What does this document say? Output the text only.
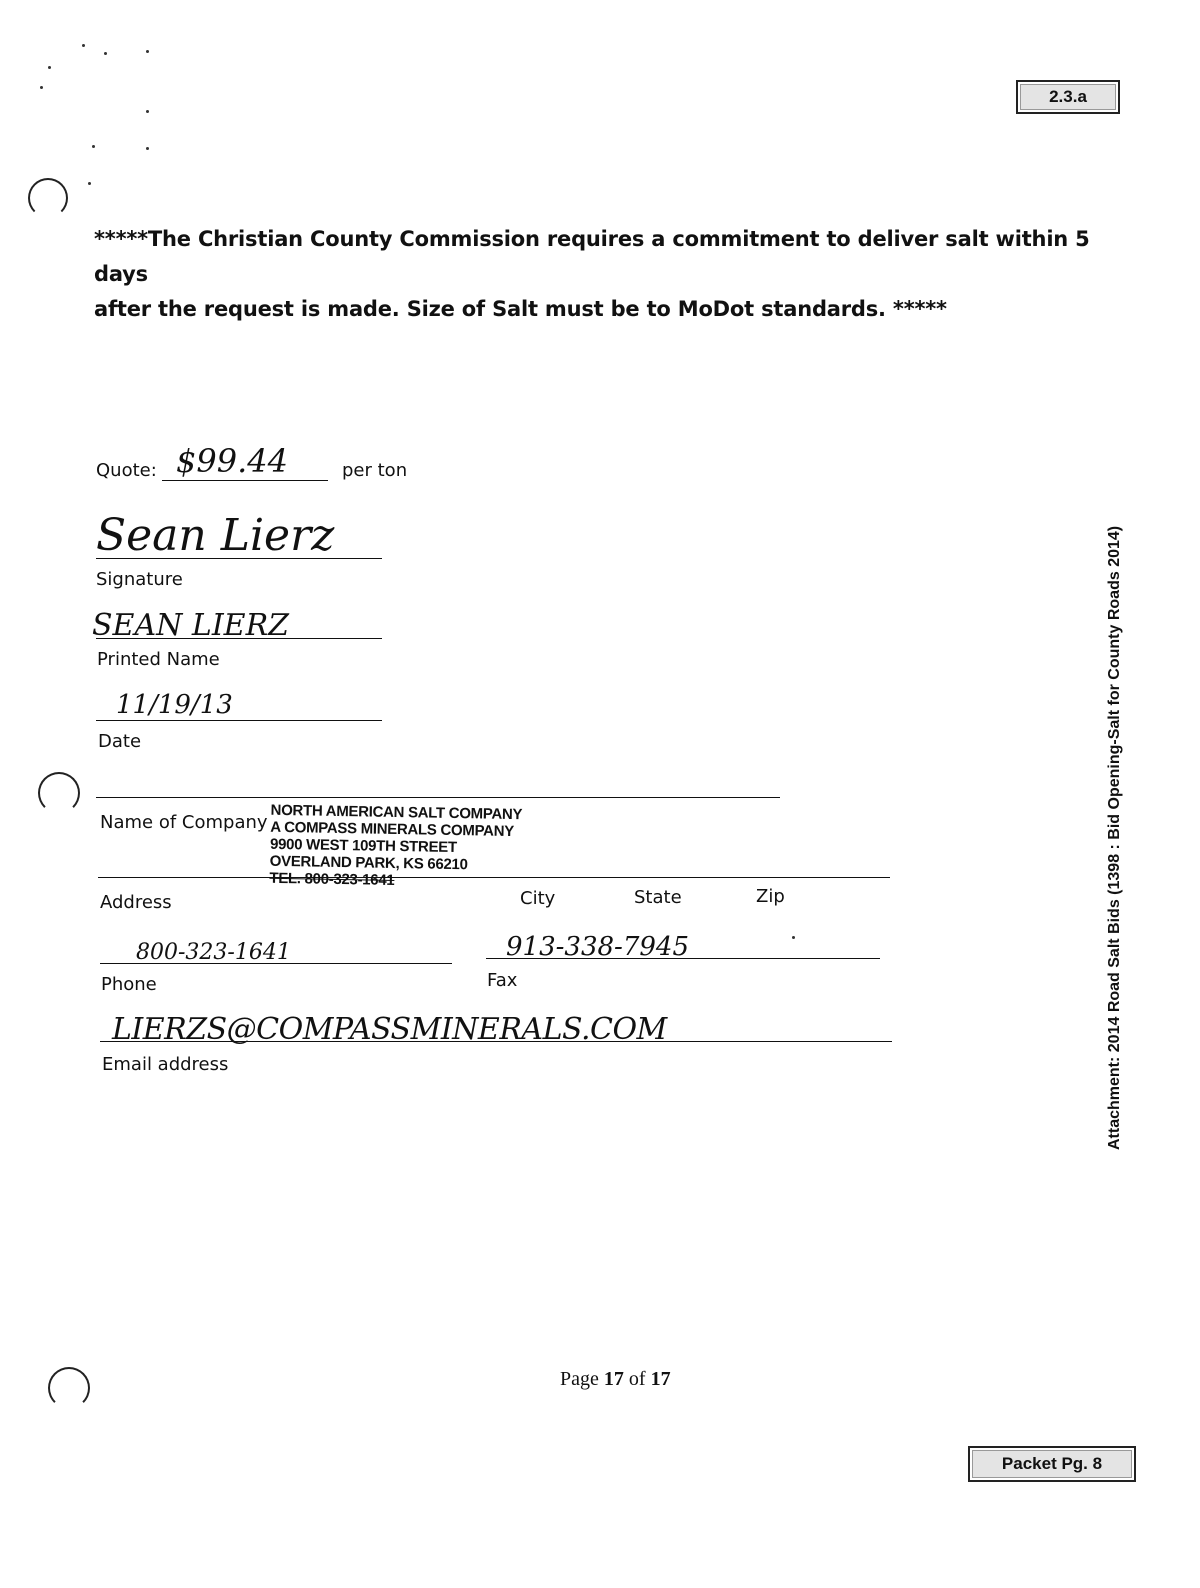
2.3.a
*****The Christian County Commission requires a commitment to deliver salt within 5 days
after the request is made. Size of Salt must be to MoDot standards. *****
Quote: $99.44	per ton
Sean Lierz
Signature
SEAN LIERZ
Printed Name
11/19/13
Date
Name of Company NORTH AMERICAN SALT COMPANY
A COMPASS MINERALS COMPANY
9900 WEST 109TH STREET
OVERLAND PARK, KS 66210
TEL. 800-323-1641
Address	City	State	Zip
800-323-1641
Phone
913-338-7945
Fax
LIERZS@COMPASSMINERALS.COM
Email address	Attachment: 2014 Road Salt Bids (1398 : Bid Opening-Salt for County Roads 2014)
Page 17 of 17
Packet Pg. 8
